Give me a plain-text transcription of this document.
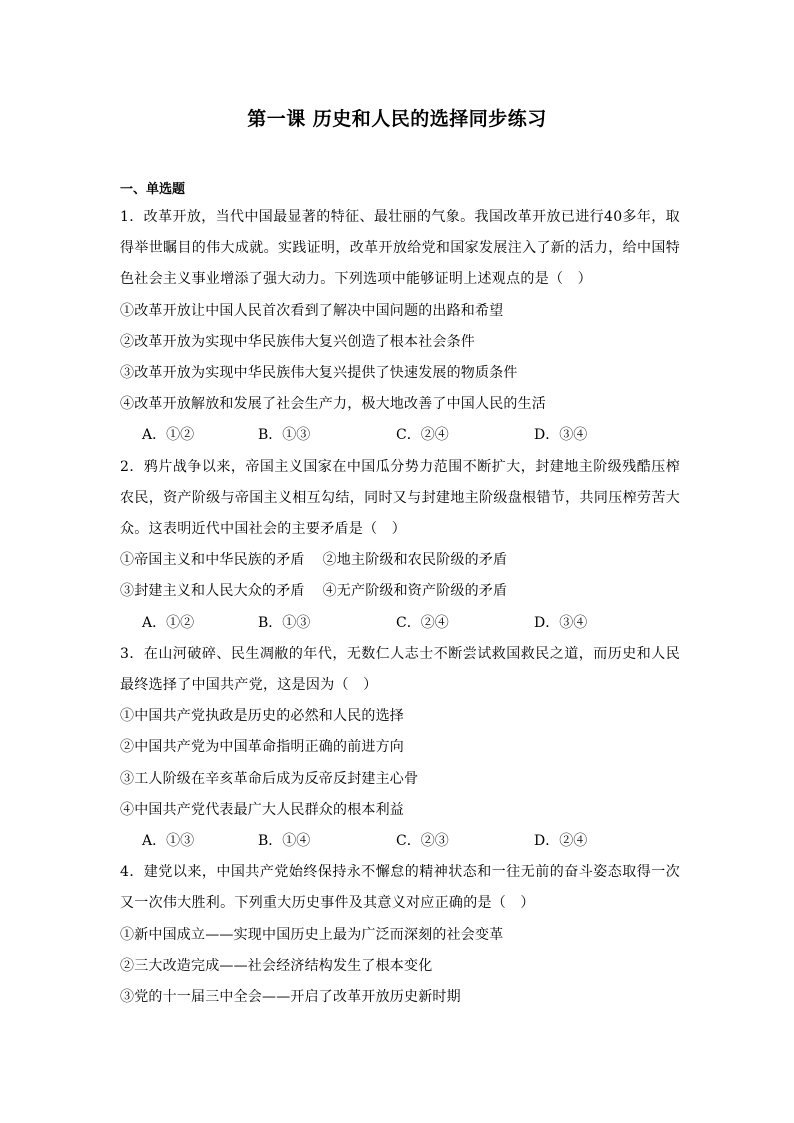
第一课 历史和人民的选择同步练习
一、单选题
1．改革开放，当代中国最显著的特征、最壮丽的气象。我国改革开放已进行40多年，取得举世瞩目的伟大成就。实践证明，改革开放给党和国家发展注入了新的活力，给中国特色社会主义事业增添了强大动力。下列选项中能够证明上述观点的是（　）
①改革开放让中国人民首次看到了解决中国问题的出路和希望
②改革开放为实现中华民族伟大复兴创造了根本社会条件
③改革开放为实现中华民族伟大复兴提供了快速发展的物质条件
④改革开放解放和发展了社会生产力，极大地改善了中国人民的生活
A．①②	B．①③	C．②④	D．③④
2．鸦片战争以来，帝国主义国家在中国瓜分势力范围不断扩大，封建地主阶级残酷压榨农民，资产阶级与帝国主义相互勾结，同时又与封建地主阶级盘根错节，共同压榨劳苦大众。这表明近代中国社会的主要矛盾是（　）
①帝国主义和中华民族的矛盾 ②地主阶级和农民阶级的矛盾
③封建主义和人民大众的矛盾 ④无产阶级和资产阶级的矛盾
A．①②	B．①③	C．②④	D．③④
3．在山河破碎、民生凋敝的年代，无数仁人志士不断尝试救国救民之道，而历史和人民最终选择了中国共产党，这是因为（　）
①中国共产党执政是历史的必然和人民的选择
②中国共产党为中国革命指明正确的前进方向
③工人阶级在辛亥革命后成为反帝反封建主心骨
④中国共产党代表最广大人民群众的根本利益
A．①③	B．①④	C．②③	D．②④
4．建党以来，中国共产党始终保持永不懈怠的精神状态和一往无前的奋斗姿态取得一次又一次伟大胜利。下列重大历史事件及其意义对应正确的是（　）
①新中国成立——实现中国历史上最为广泛而深刻的社会变革
②三大改造完成——社会经济结构发生了根本变化
③党的十一届三中全会——开启了改革开放历史新时期
